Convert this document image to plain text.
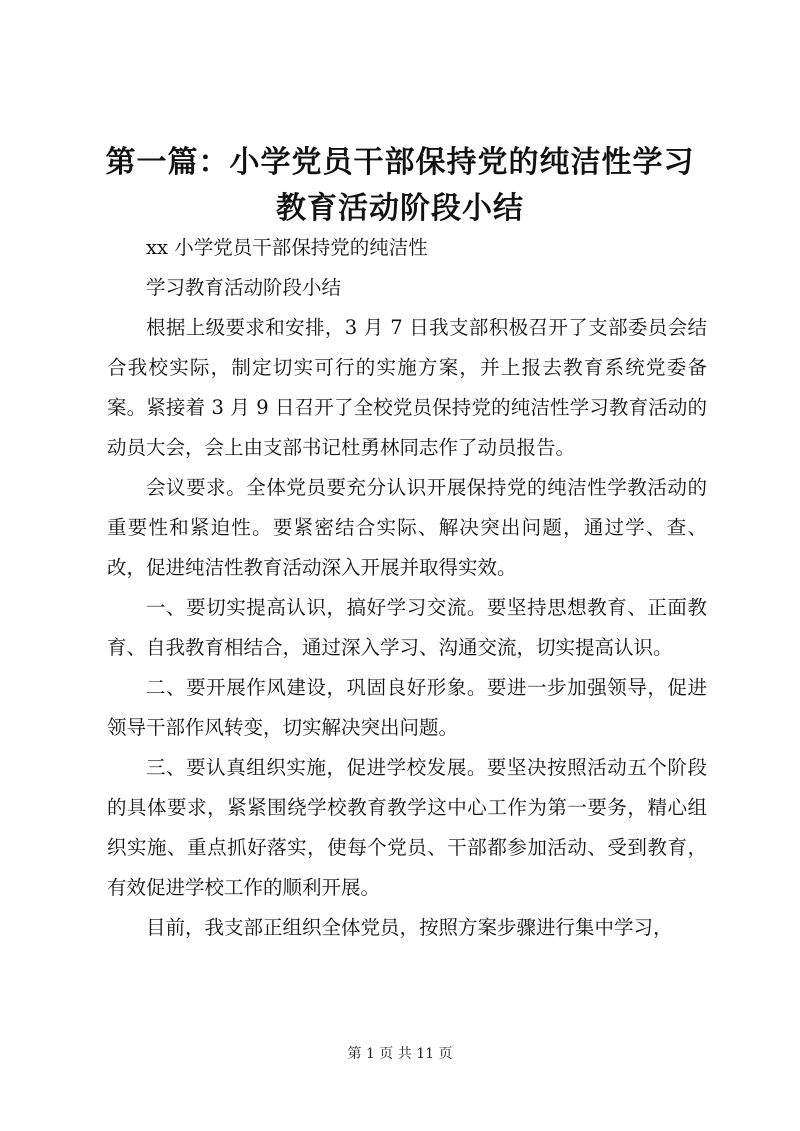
第一篇：小学党员干部保持党的纯洁性学习教育活动阶段小结

xx 小学党员干部保持党的纯洁性

学习教育活动阶段小结

根据上级要求和安排，3 月 7 日我支部积极召开了支部委员会结合我校实际，制定切实可行的实施方案，并上报去教育系统党委备案。紧接着 3 月 9 日召开了全校党员保持党的纯洁性学习教育活动的动员大会，会上由支部书记杜勇林同志作了动员报告。

会议要求。全体党员要充分认识开展保持党的纯洁性学教活动的重要性和紧迫性。要紧密结合实际、解决突出问题，通过学、查、改，促进纯洁性教育活动深入开展并取得实效。

一、要切实提高认识，搞好学习交流。要坚持思想教育、正面教育、自我教育相结合，通过深入学习、沟通交流，切实提高认识。

二、要开展作风建设，巩固良好形象。要进一步加强领导，促进领导干部作风转变，切实解决突出问题。

三、要认真组织实施，促进学校发展。要坚决按照活动五个阶段的具体要求，紧紧围绕学校教育教学这中心工作为第一要务，精心组织实施、重点抓好落实，使每个党员、干部都参加活动、受到教育，有效促进学校工作的顺利开展。

目前，我支部正组织全体党员，按照方案步骤进行集中学习，

第 1 页 共 11 页
